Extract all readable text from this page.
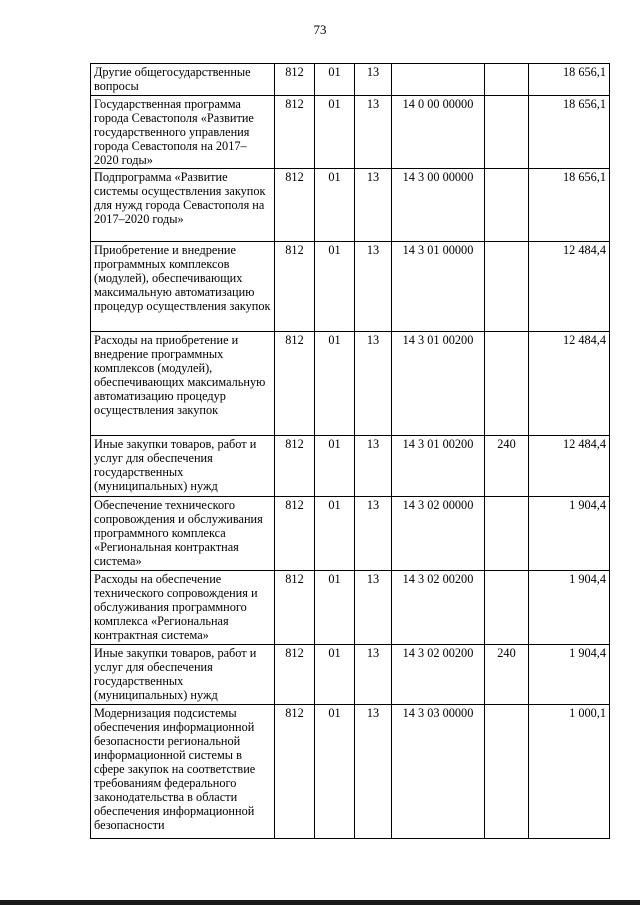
73
Другие общегосударственные вопросы	812	01	13			18 656,1
Государственная программа города Севастополя «Развитие государственного управления города Севастополя на 2017–2020 годы»	812	01	13	14 0 00 00000		18 656,1
Подпрограмма «Развитие системы осуществления закупок для нужд города Севастополя на 2017–2020 годы»	812	01	13	14 3 00 00000		18 656,1
Приобретение и внедрение программных комплексов (модулей), обеспечивающих максимальную автоматизацию процедур осуществления закупок	812	01	13	14 3 01 00000		12 484,4
Расходы на приобретение и внедрение программных комплексов (модулей), обеспечивающих максимальную автоматизацию процедур осуществления закупок	812	01	13	14 3 01 00200		12 484,4
Иные закупки товаров, работ и услуг для обеспечения государственных (муниципальных) нужд	812	01	13	14 3 01 00200	240	12 484,4
Обеспечение технического сопровождения и обслуживания программного комплекса «Региональная контрактная система»	812	01	13	14 3 02 00000		1 904,4
Расходы на обеспечение технического сопровождения и обслуживания программного комплекса «Региональная контрактная система»	812	01	13	14 3 02 00200		1 904,4
Иные закупки товаров, работ и услуг для обеспечения государственных (муниципальных) нужд	812	01	13	14 3 02 00200	240	1 904,4
Модернизация подсистемы обеспечения информационной безопасности региональной информационной системы в сфере закупок на соответствие требованиям федерального законодательства в области обеспечения информационной безопасности	812	01	13	14 3 03 00000		1 000,1
